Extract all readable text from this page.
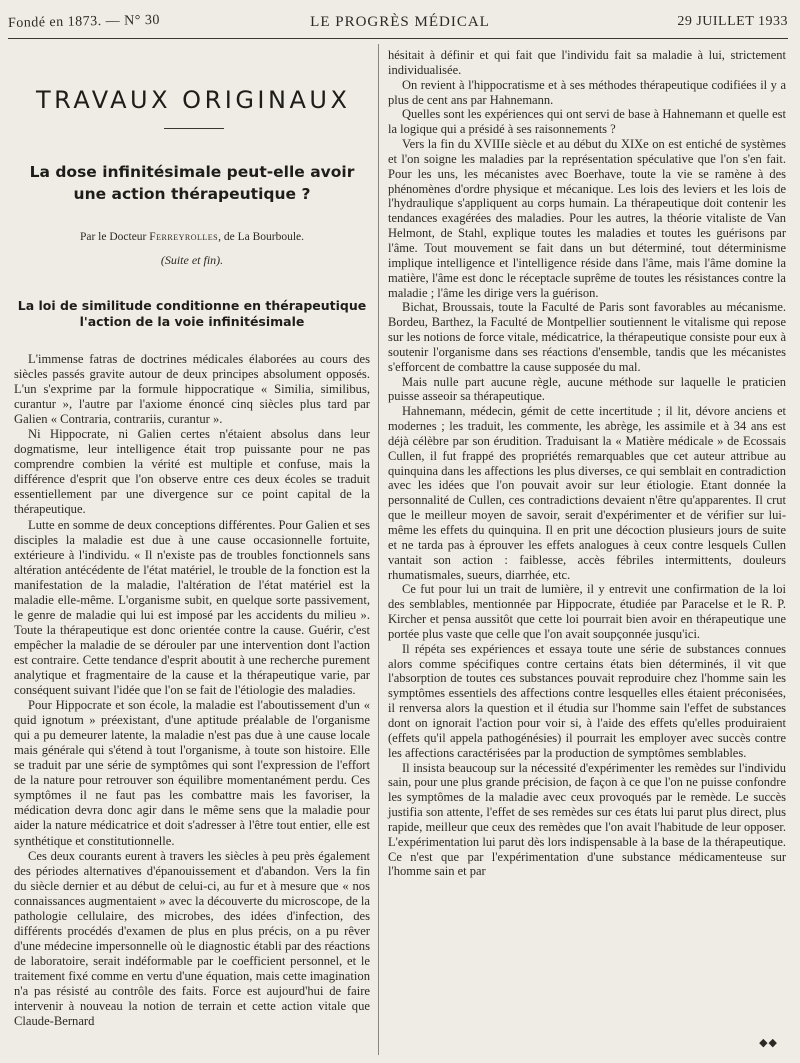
Fondé en 1873. — N° 30	LE PROGRÈS MÉDICAL	29 JUILLET 1933
TRAVAUX ORIGINAUX
La dose infinitésimale peut-elle avoir
une action thérapeutique ?
Par le Docteur Ferreyrolles, de La Bourboule.
(Suite et fin).
La loi de similitude conditionne en thérapeutique
l'action de la voie infinitésimale

L'immense fatras de doctrines médicales élaborées au cours des siècles passés gravite autour de deux principes absolument opposés. L'un s'exprime par la formule hippocratique « Similia, similibus, curantur », l'autre par l'axiome énoncé cinq siècles plus tard par Galien « Contraria, contrariis, curantur ».

Ni Hippocrate, ni Galien certes n'étaient absolus dans leur dogmatisme, leur intelligence était trop puissante pour ne pas comprendre combien la vérité est multiple et confuse, mais la différence d'esprit que l'on observe entre ces deux écoles se traduit essentiellement par une divergence sur ce point capital de la thérapeutique.

Lutte en somme de deux conceptions différentes. Pour Galien et ses disciples la maladie est due à une cause occasionnelle fortuite, extérieure à l'individu. « Il n'existe pas de troubles fonctionnels sans altération antécédente de l'état matériel, le trouble de la fonction est la manifestation de la maladie, l'altération de l'état matériel est la maladie elle-même. L'organisme subit, en quelque sorte passivement, le genre de maladie qui lui est imposé par les accidents du milieu ». Toute la thérapeutique est donc orientée contre la cause. Guérir, c'est empêcher la maladie de se dérouler par une intervention dont l'action est contraire. Cette tendance d'esprit aboutit à une recherche purement analytique et fragmentaire de la cause et la thérapeutique varie, par conséquent suivant l'idée que l'on se fait de l'étiologie des maladies.

Pour Hippocrate et son école, la maladie est l'aboutissement d'un « quid ignotum » préexistant, d'une aptitude préalable de l'organisme qui a pu demeurer latente, la maladie n'est pas due à une cause locale mais générale qui s'étend à tout l'organisme, à toute son histoire. Elle se traduit par une série de symptômes qui sont l'expression de l'effort de la nature pour retrouver son équilibre momentanément perdu. Ces symptômes il ne faut pas les combattre mais les favoriser, la médication devra donc agir dans le même sens que la maladie pour aider la nature médicatrice et doit s'adresser à l'être tout entier, elle est synthétique et constitutionnelle.

Ces deux courants eurent à travers les siècles à peu près également des périodes alternatives d'épanouissement et d'abandon. Vers la fin du siècle dernier et au début de celui-ci, au fur et à mesure que « nos connaissances augmentaient » avec la découverte du microscope, de la pathologie cellulaire, des microbes, des idées d'infection, des différents procédés d'examen de plus en plus précis, on a pu rêver d'une médecine impersonnelle où le diagnostic établi par des réactions de laboratoire, serait indéformable par le coefficient personnel, et le traitement fixé comme en vertu d'une équation, mais cette imagination n'a pas résisté au contrôle des faits. Force est aujourd'hui de faire intervenir à nouveau la notion de terrain et cette action vitale que Claude-Bernard

hésitait à définir et qui fait que l'individu fait sa maladie à lui, strictement individualisée.

On revient à l'hippocratisme et à ses méthodes thérapeutique codifiées il y a plus de cent ans par Hahnemann.

Quelles sont les expériences qui ont servi de base à Hahnemann et quelle est la logique qui a présidé à ses raisonnements ?

Vers la fin du XVIIIe siècle et au début du XIXe on est entiché de systèmes et l'on soigne les maladies par la représentation spéculative que l'on s'en fait. Pour les uns, les mécanistes avec Boerhave, toute la vie se ramène à des phénomènes d'ordre physique et mécanique. Les lois des leviers et les lois de l'hydraulique s'appliquent au corps humain. La thérapeutique doit contenir les tendances exagérées des maladies. Pour les autres, la théorie vitaliste de Van Helmont, de Stahl, explique toutes les maladies et toutes les guérisons par l'âme. Tout mouvement se fait dans un but déterminé, tout déterminisme implique intelligence et l'intelligence réside dans l'âme, mais l'âme domine la matière, l'âme est donc le réceptacle suprême de toutes les résistances contre la maladie ; l'âme les dirige vers la guérison.

Bichat, Broussais, toute la Faculté de Paris sont favorables au mécanisme. Bordeu, Barthez, la Faculté de Montpellier soutiennent le vitalisme qui repose sur les notions de force vitale, médicatrice, la thérapeutique consiste pour eux à soutenir l'organisme dans ses réactions d'ensemble, tandis que les mécanistes s'efforcent de combattre la cause supposée du mal.

Mais nulle part aucune règle, aucune méthode sur laquelle le praticien puisse asseoir sa thérapeutique.

Hahnemann, médecin, gémit de cette incertitude ; il lit, dévore anciens et modernes ; les traduit, les commente, les abrège, les assimile et à 34 ans est déjà célèbre par son érudition. Traduisant la « Matière médicale » de Ecossais Cullen, il fut frappé des propriétés remarquables que cet auteur attribue au quinquina dans les affections les plus diverses, ce qui semblait en contradiction avec les idées que l'on pouvait avoir sur leur étiologie. Etant donnée la personnalité de Cullen, ces contradictions devaient n'être qu'apparentes. Il crut que le meilleur moyen de savoir, serait d'expérimenter et de vérifier sur lui-même les effets du quinquina. Il en prit une décoction plusieurs jours de suite et ne tarda pas à éprouver les effets analogues à ceux contre lesquels Cullen vantait son action : faiblesse, accès fébriles intermittents, douleurs rhumatismales, sueurs, diarrhée, etc.

Ce fut pour lui un trait de lumière, il y entrevit une confirmation de la loi des semblables, mentionnée par Hippocrate, étudiée par Paracelse et le R. P. Kircher et pensa aussitôt que cette loi pourrait bien avoir en thérapeutique une portée plus vaste que celle que l'on avait soupçonnée jusqu'ici.

Il répéta ses expériences et essaya toute une série de substances connues alors comme spécifiques contre certains états bien déterminés, il vit que l'absorption de toutes ces substances pouvait reproduire chez l'homme sain les symptômes essentiels des affections contre lesquelles elles étaient préconisées, il renversa alors la question et il étudia sur l'homme sain l'effet de substances dont on ignorait l'action pour voir si, à l'aide des effets qu'elles produiraient (effets qu'il appela pathogénésies) il pourrait les employer avec succès contre les affections caractérisées par la production de symptômes semblables.

Il insista beaucoup sur la nécessité d'expérimenter les remèdes sur l'individu sain, pour une plus grande précision, de façon à ce que l'on ne puisse confondre les symptômes de la maladie avec ceux provoqués par le remède. Le succès justifia son attente, l'effet de ses remèdes sur ces états lui parut plus direct, plus rapide, meilleur que ceux des remèdes que l'on avait l'habitude de leur opposer. L'expérimentation lui parut dès lors indispensable à la base de la thérapeutique. Ce n'est que par l'expérimentation d'une substance médicamenteuse sur l'homme sain et par

◆◆
